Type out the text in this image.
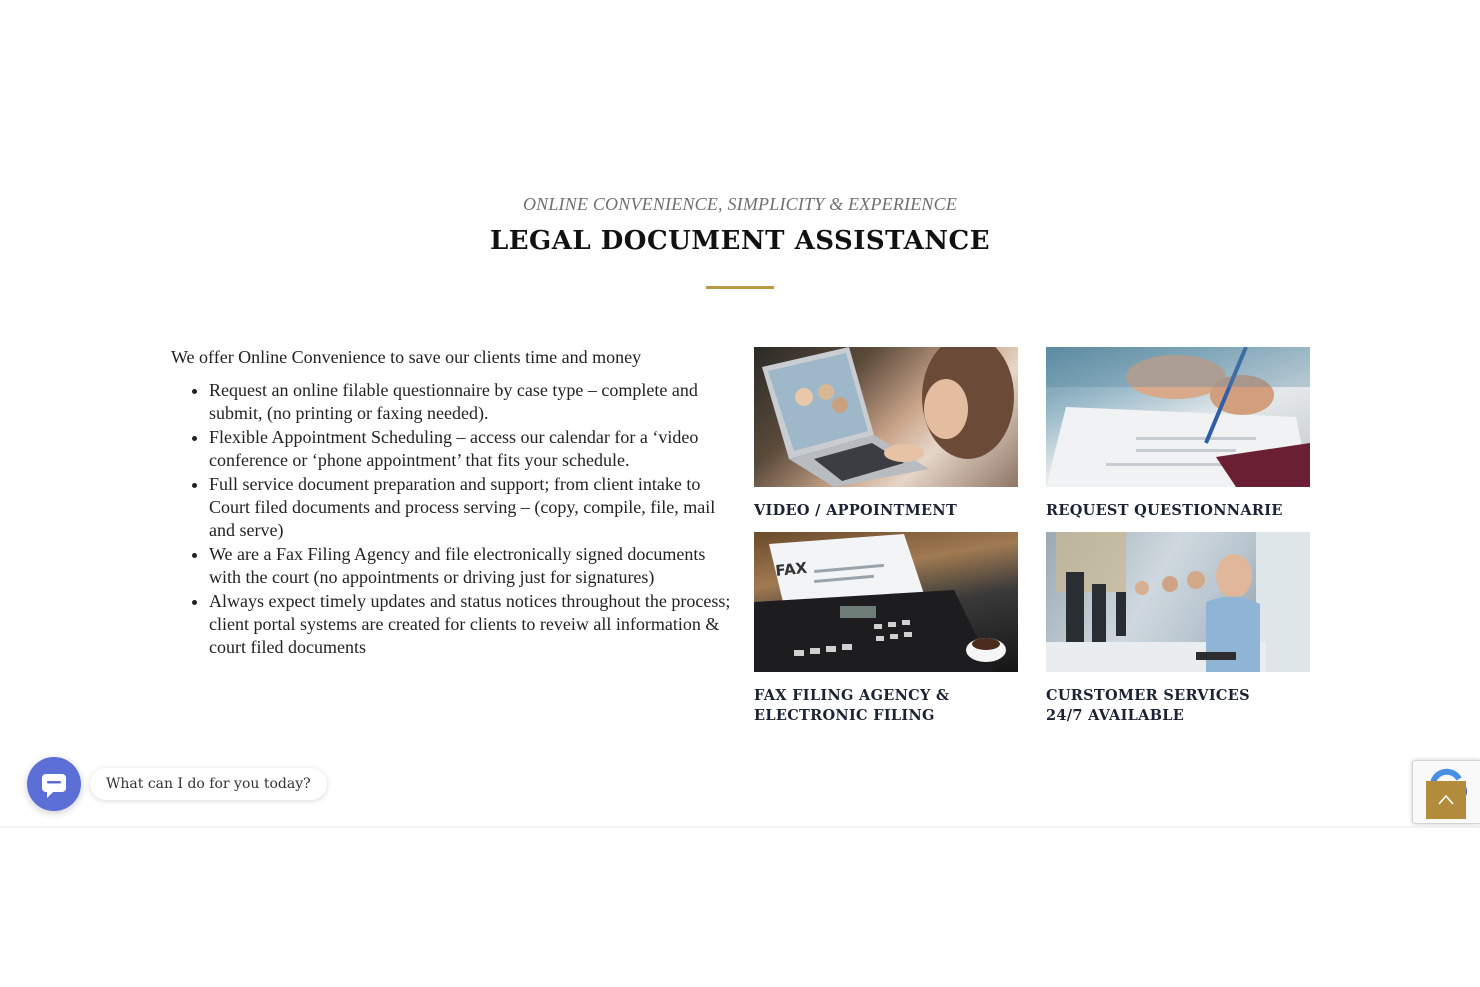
ONLINE CONVENIENCE, SIMPLICITY & EXPERIENCE
LEGAL DOCUMENT ASSISTANCE
We offer Online Convenience to save our clients time and money
• Request an online filable questionnaire by case type – complete and submit, (no printing or faxing needed).
• Flexible Appointment Scheduling – access our calendar for a ‘video conference or ‘phone appointment’ that fits your schedule.
• Full service document preparation and support; from client intake to Court filed documents and process serving – (copy, compile, file, mail and serve)
• We are a Fax Filing Agency and file electronically signed documents with the court (no appointments or driving just for signatures)
• Always expect timely updates and status notices throughout the process; client portal systems are created for clients to reveiw all information & court filed documents
VIDEO / APPOINTMENT	REQUEST QUESTIONNARIE
FAX
FAX FILING AGENCY &
ELECTRONIC FILING
CURSTOMER SERVICES
24/7 AVAILABLE
What can I do for you today?
